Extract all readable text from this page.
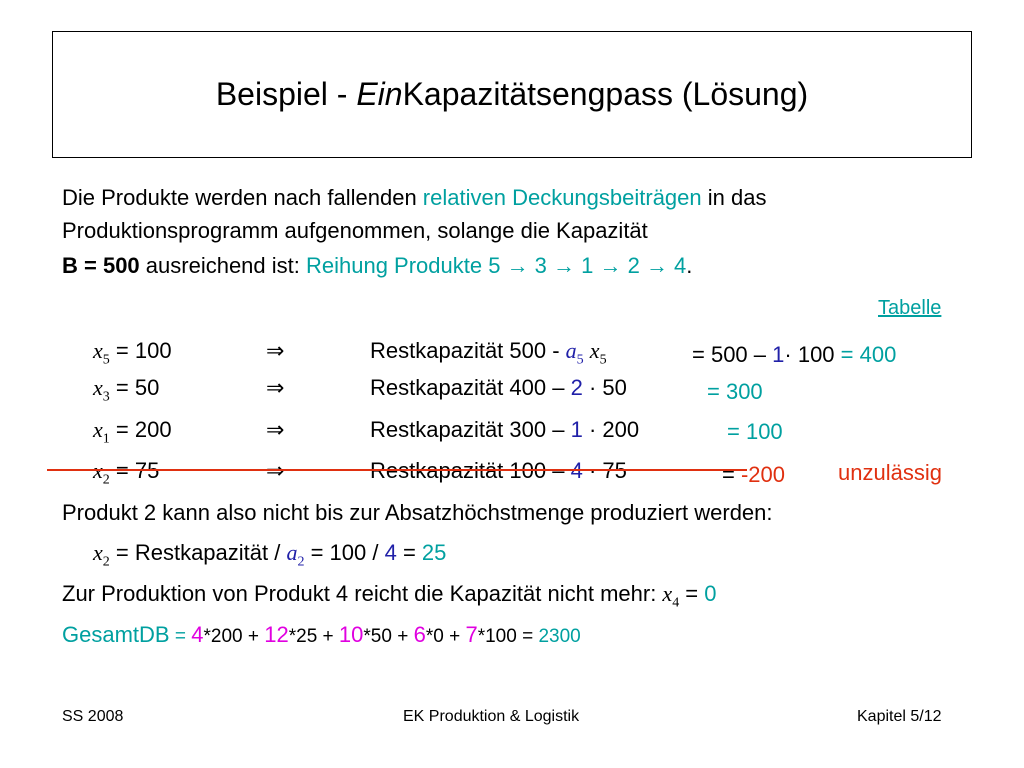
Beispiel -
Ein Kapazitätsengpass (Lösung)
Die Produkte werden nach fallenden relativen Deckungsbeiträgen in das
Produktionsprogramm aufgenommen, solange die Kapazität
B = 500 ausreichend ist: Reihung Produkte 5 → 3 → 1 → 2 → 4.
Tabelle
$x_5 = 100$	⇒	Restkapazität $500 - a_5$ $x_5$	= 500 – 1· 100 = 400
$x_3 = 50$	⇒	Restkapazität 400 – 2 · 50	= 300
$x_1 = 200$	⇒	Restkapazität 300 – 1 · 200	= 100
$x_2 = 75$	⇒	Restkapazität 100 – 4 · 75	= -200 unzulässig
Produkt 2 kann also nicht bis zur Absatzhöchstmenge produziert werden:
$x_2$ = Restkapazität / $a_2 = 100 / 4 = 25$
Zur Produktion von Produkt 4 reicht die Kapazität nicht mehr: $x_4 = 0$
GesamtDB = 4*200 + 12*25 + 10*50 + 6*0 + 7*100 = 2300
SS 2008	EK Produktion & Logistik	Kapitel 5/12
